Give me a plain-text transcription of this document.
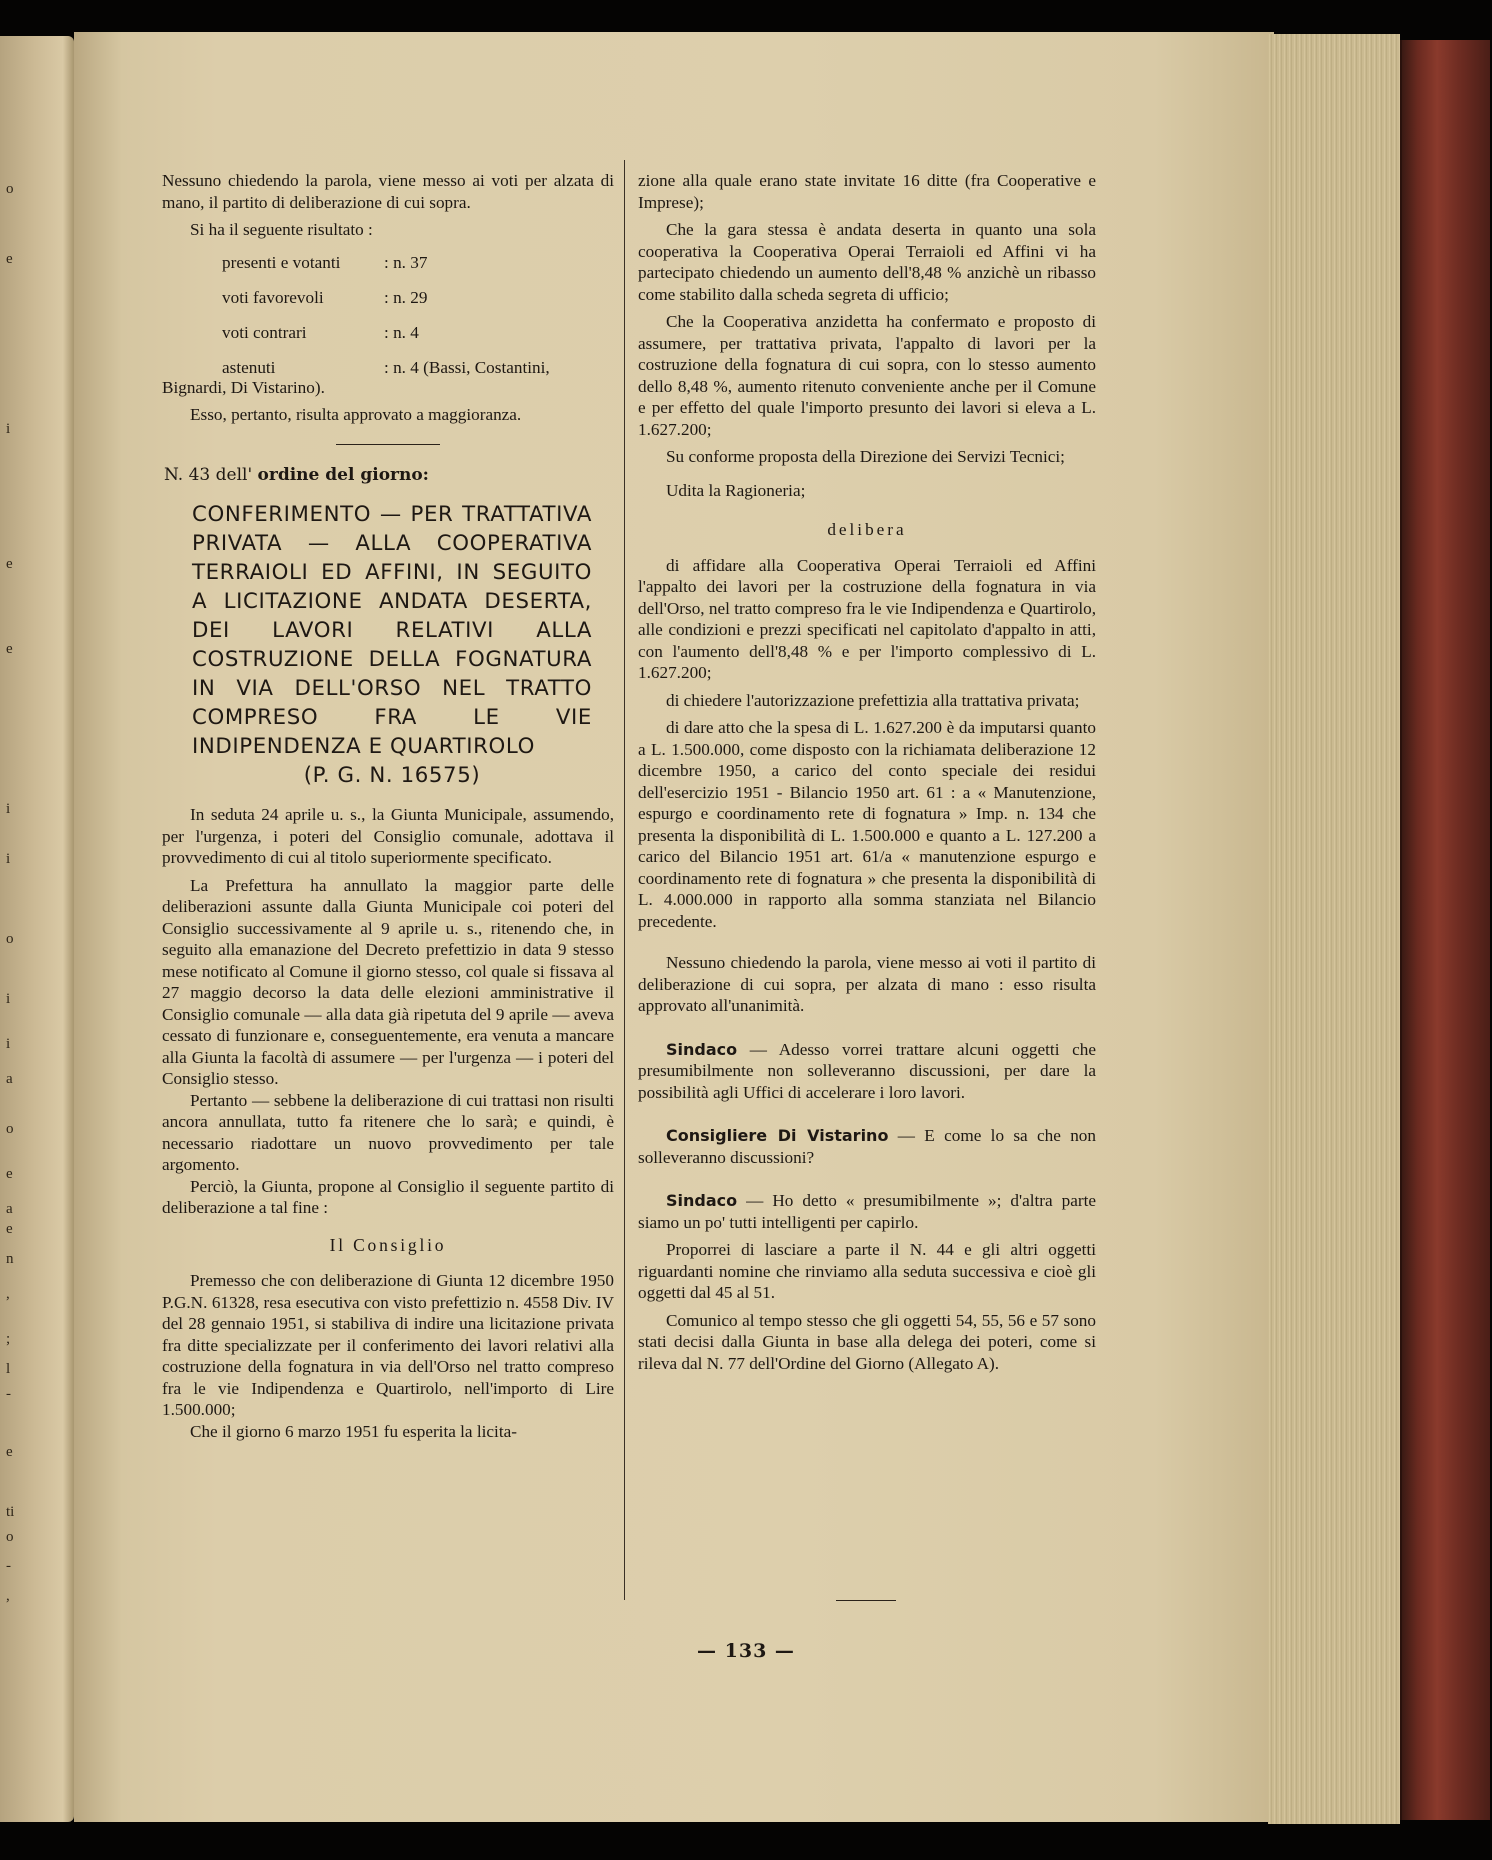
o
e
i
e
e
i
i
o
i
i
a
o
e
a
e
n
,
;
l
-
e
ti
o
-
,

Nessuno chiedendo la parola, viene messo ai voti per alzata di mano, il partito di deliberazione di cui sopra.

Si ha il seguente risultato :

presenti e votanti	: n. 37
voti favorevoli	: n. 29
voti contrari	: n. 4
astenuti	: n. 4 (Bassi, Costantini,

Bignardi, Di Vistarino).

Esso, pertanto, risulta approvato a maggioranza.

N. 43 dell' ordine del giorno:
CONFERIMENTO — PER TRATTATIVA PRIVATA — ALLA COOPERATIVA TERRAIOLI ED AFFINI, IN SEGUITO A LICITAZIONE ANDATA DESERTA, DEI LAVORI RELATIVI ALLA COSTRUZIONE DELLA FOGNATURA IN VIA DELL'ORSO NEL TRATTO COMPRESO FRA LE VIE INDIPENDENZA E QUARTIROLO
(P. G. N. 16575)

In seduta 24 aprile u. s., la Giunta Municipale, assumendo, per l'urgenza, i poteri del Consiglio comunale, adottava il provvedimento di cui al titolo superiormente specificato.

La Prefettura ha annullato la maggior parte delle deliberazioni assunte dalla Giunta Municipale coi poteri del Consiglio successivamente al 9 aprile u. s., ritenendo che, in seguito alla emanazione del Decreto prefettizio in data 9 stesso mese notificato al Comune il giorno stesso, col quale si fissava al 27 maggio decorso la data delle elezioni amministrative il Consiglio comunale — alla data già ripetuta del 9 aprile — aveva cessato di funzionare e, conseguentemente, era venuta a mancare alla Giunta la facoltà di assumere — per l'urgenza — i poteri del Consiglio stesso.

Pertanto — sebbene la deliberazione di cui trattasi non risulti ancora annullata, tutto fa ritenere che lo sarà; e quindi, è necessario riadottare un nuovo provvedimento per tale argomento.

Perciò, la Giunta, propone al Consiglio il seguente partito di deliberazione a tal fine :

Il Consiglio

Premesso che con deliberazione di Giunta 12 dicembre 1950 P.G.N. 61328, resa esecutiva con visto prefettizio n. 4558 Div. IV del 28 gennaio 1951, si stabiliva di indire una licitazione privata fra ditte specializzate per il conferimento dei lavori relativi alla costruzione della fognatura in via dell'Orso nel tratto compreso fra le vie Indipendenza e Quartirolo, nell'importo di Lire 1.500.000;

Che il giorno 6 marzo 1951 fu esperita la licita-

zione alla quale erano state invitate 16 ditte (fra Cooperative e Imprese);

Che la gara stessa è andata deserta in quanto una sola cooperativa la Cooperativa Operai Terraioli ed Affini vi ha partecipato chiedendo un aumento dell'8,48 % anzichè un ribasso come stabilito dalla scheda segreta di ufficio;

Che la Cooperativa anzidetta ha confermato e proposto di assumere, per trattativa privata, l'appalto di lavori per la costruzione della fognatura di cui sopra, con lo stesso aumento dello 8,48 %, aumento ritenuto conveniente anche per il Comune e per effetto del quale l'importo presunto dei lavori si eleva a L. 1.627.200;

Su conforme proposta della Direzione dei Servizi Tecnici;

Udita la Ragioneria;

delibera

di affidare alla Cooperativa Operai Terraioli ed Affini l'appalto dei lavori per la costruzione della fognatura in via dell'Orso, nel tratto compreso fra le vie Indipendenza e Quartirolo, alle condizioni e prezzi specificati nel capitolato d'appalto in atti, con l'aumento dell'8,48 % e per l'importo complessivo di L. 1.627.200;

di chiedere l'autorizzazione prefettizia alla trattativa privata;

di dare atto che la spesa di L. 1.627.200 è da imputarsi quanto a L. 1.500.000, come disposto con la richiamata deliberazione 12 dicembre 1950, a carico del conto speciale dei residui dell'esercizio 1951 - Bilancio 1950 art. 61 : a « Manutenzione, espurgo e coordinamento rete di fognatura » Imp. n. 134 che presenta la disponibilità di L. 1.500.000 e quanto a L. 127.200 a carico del Bilancio 1951 art. 61/a « manutenzione espurgo e coordinamento rete di fognatura » che presenta la disponibilità di L. 4.000.000 in rapporto alla somma stanziata nel Bilancio precedente.

Nessuno chiedendo la parola, viene messo ai voti il partito di deliberazione di cui sopra, per alzata di mano : esso risulta approvato all'unanimità.

Sindaco — Adesso vorrei trattare alcuni oggetti che presumibilmente non solleveranno discussioni, per dare la possibilità agli Uffici di accelerare i loro lavori.

Consigliere Di Vistarino — E come lo sa che non solleveranno discussioni?

Sindaco — Ho detto « presumibilmente »; d'altra parte siamo un po' tutti intelligenti per capirlo.

Proporrei di lasciare a parte il N. 44 e gli altri oggetti riguardanti nomine che rinviamo alla seduta successiva e cioè gli oggetti dal 45 al 51.

Comunico al tempo stesso che gli oggetti 54, 55, 56 e 57 sono stati decisi dalla Giunta in base alla delega dei poteri, come si rileva dal N. 77 dell'Ordine del Giorno (Allegato A).

— 133 —
